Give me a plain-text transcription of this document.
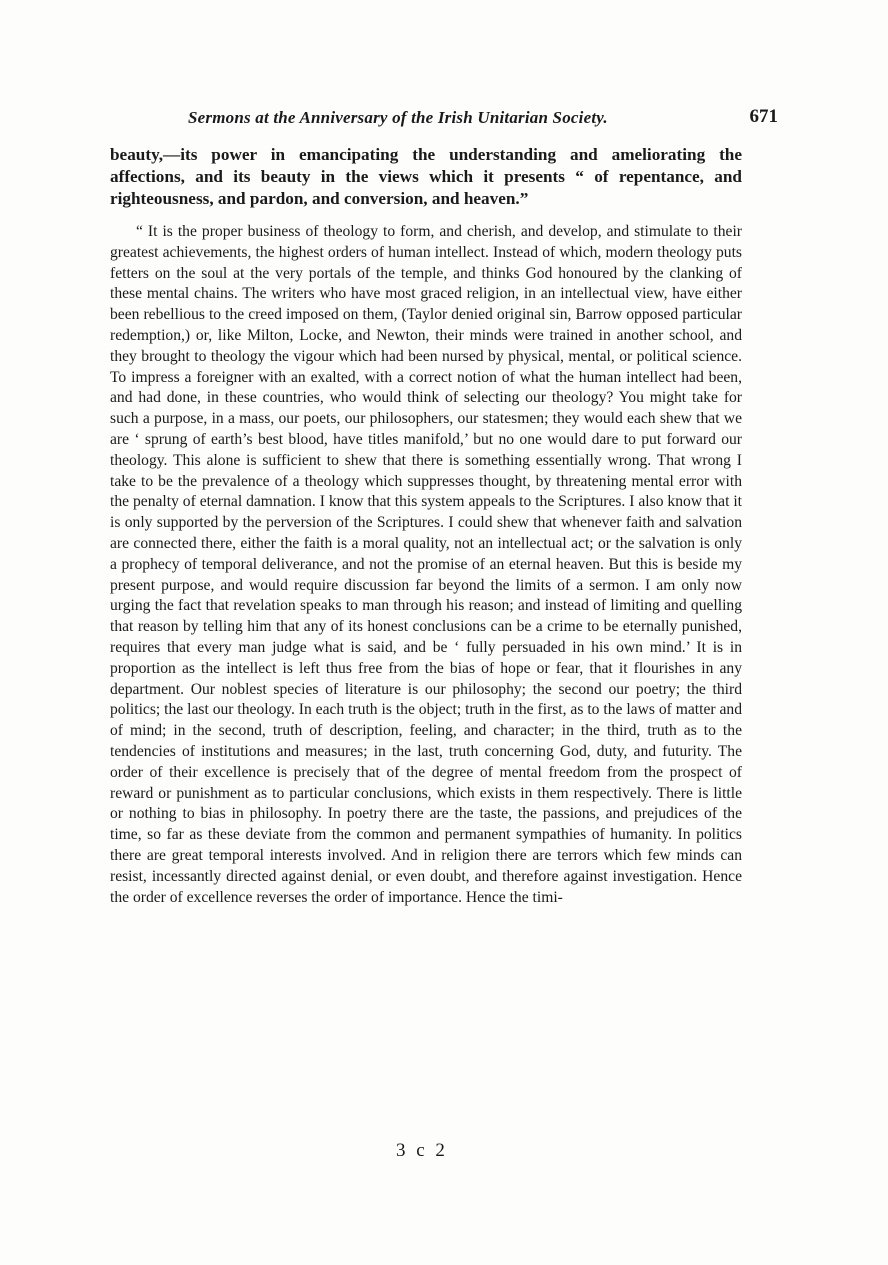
Sermons at the Anniversary of the Irish Unitarian Society.	671

beauty,—its power in emancipating the understanding and ameliorating the affections, and its beauty in the views which it presents “ of repentance, and righteousness, and pardon, and conversion, and heaven.”

“ It is the proper business of theology to form, and cherish, and develop, and stimulate to their greatest achievements, the highest orders of human intellect. Instead of which, modern theology puts fetters on the soul at the very portals of the temple, and thinks God honoured by the clanking of these mental chains. The writers who have most graced religion, in an intellectual view, have either been rebellious to the creed imposed on them, (Taylor denied original sin, Barrow opposed particular redemption,) or, like Milton, Locke, and Newton, their minds were trained in another school, and they brought to theology the vigour which had been nursed by physical, mental, or political science. To impress a foreigner with an exalted, with a correct notion of what the human intellect had been, and had done, in these countries, who would think of selecting our theology? You might take for such a purpose, in a mass, our poets, our philosophers, our statesmen; they would each shew that we are ‘ sprung of earth’s best blood, have titles manifold,’ but no one would dare to put forward our theology. This alone is sufficient to shew that there is something essentially wrong. That wrong I take to be the prevalence of a theology which suppresses thought, by threatening mental error with the penalty of eternal damnation. I know that this system appeals to the Scriptures. I also know that it is only supported by the perversion of the Scriptures. I could shew that whenever faith and salvation are connected there, either the faith is a moral quality, not an intellectual act; or the salvation is only a prophecy of temporal deliverance, and not the promise of an eternal heaven. But this is beside my present purpose, and would require discussion far beyond the limits of a sermon. I am only now urging the fact that revelation speaks to man through his reason; and instead of limiting and quelling that reason by telling him that any of its honest conclusions can be a crime to be eternally punished, requires that every man judge what is said, and be ‘ fully persuaded in his own mind.’ It is in proportion as the intellect is left thus free from the bias of hope or fear, that it flourishes in any department. Our noblest species of literature is our philosophy; the second our poetry; the third politics; the last our theology. In each truth is the object; truth in the first, as to the laws of matter and of mind; in the second, truth of description, feeling, and character; in the third, truth as to the tendencies of institutions and measures; in the last, truth concerning God, duty, and futurity. The order of their excellence is precisely that of the degree of mental freedom from the prospect of reward or punishment as to particular conclusions, which exists in them respectively. There is little or nothing to bias in philosophy. In poetry there are the taste, the passions, and prejudices of the time, so far as these deviate from the common and permanent sympathies of humanity. In politics there are great temporal interests involved. And in religion there are terrors which few minds can resist, incessantly directed against denial, or even doubt, and therefore against investigation. Hence the order of excellence reverses the order of importance. Hence the timi-

3 c 2
